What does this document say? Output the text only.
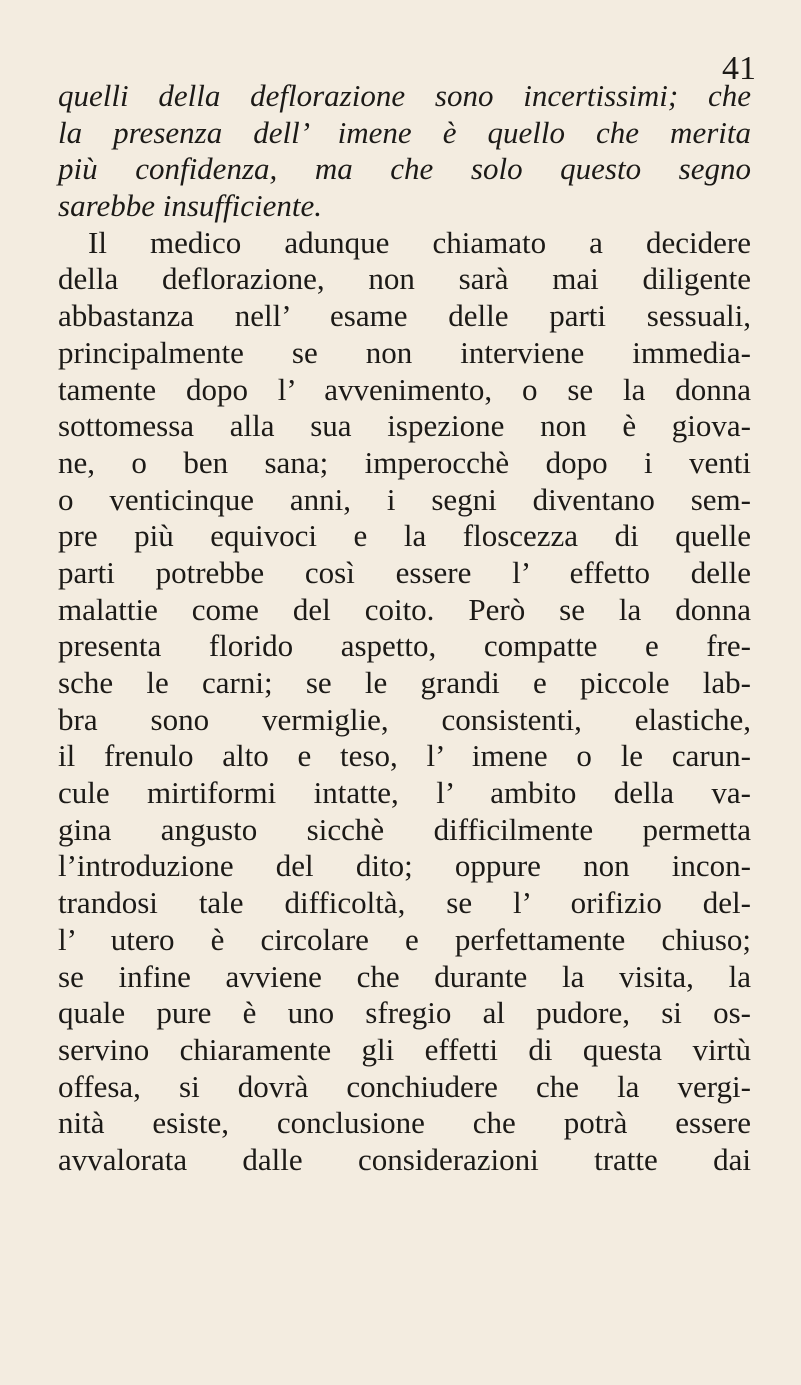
41
quelli della deflorazione sono incertissimi; che
la presenza dell’ imene è quello che merita
più confidenza, ma che solo questo segno
sarebbe insufficiente.
Il medico adunque chiamato a decidere
della deflorazione, non sarà mai diligente
abbastanza nell’ esame delle parti sessuali,
principalmente se non interviene immedia-
tamente dopo l’ avvenimento, o se la donna
sottomessa alla sua ispezione non è giova-
ne, o ben sana; imperocchè dopo i venti
o venticinque anni, i segni diventano sem-
pre più equivoci e la floscezza di quelle
parti potrebbe così essere l’ effetto delle
malattie come del coito. Però se la donna
presenta florido aspetto, compatte e fre-
sche le carni; se le grandi e piccole lab-
bra sono vermiglie, consistenti, elastiche,
il frenulo alto e teso, l’ imene o le carun-
cule mirtiformi intatte, l’ ambito della va-
gina angusto sicchè difficilmente permetta
l’introduzione del dito; oppure non incon-
trandosi tale difficoltà, se l’ orifizio del-
l’ utero è circolare e perfettamente chiuso;
se infine avviene che durante la visita, la
quale pure è uno sfregio al pudore, si os-
servino chiaramente gli effetti di questa virtù
offesa, si dovrà conchiudere che la vergi-
nità esiste, conclusione che potrà essere
avvalorata dalle considerazioni tratte dai
